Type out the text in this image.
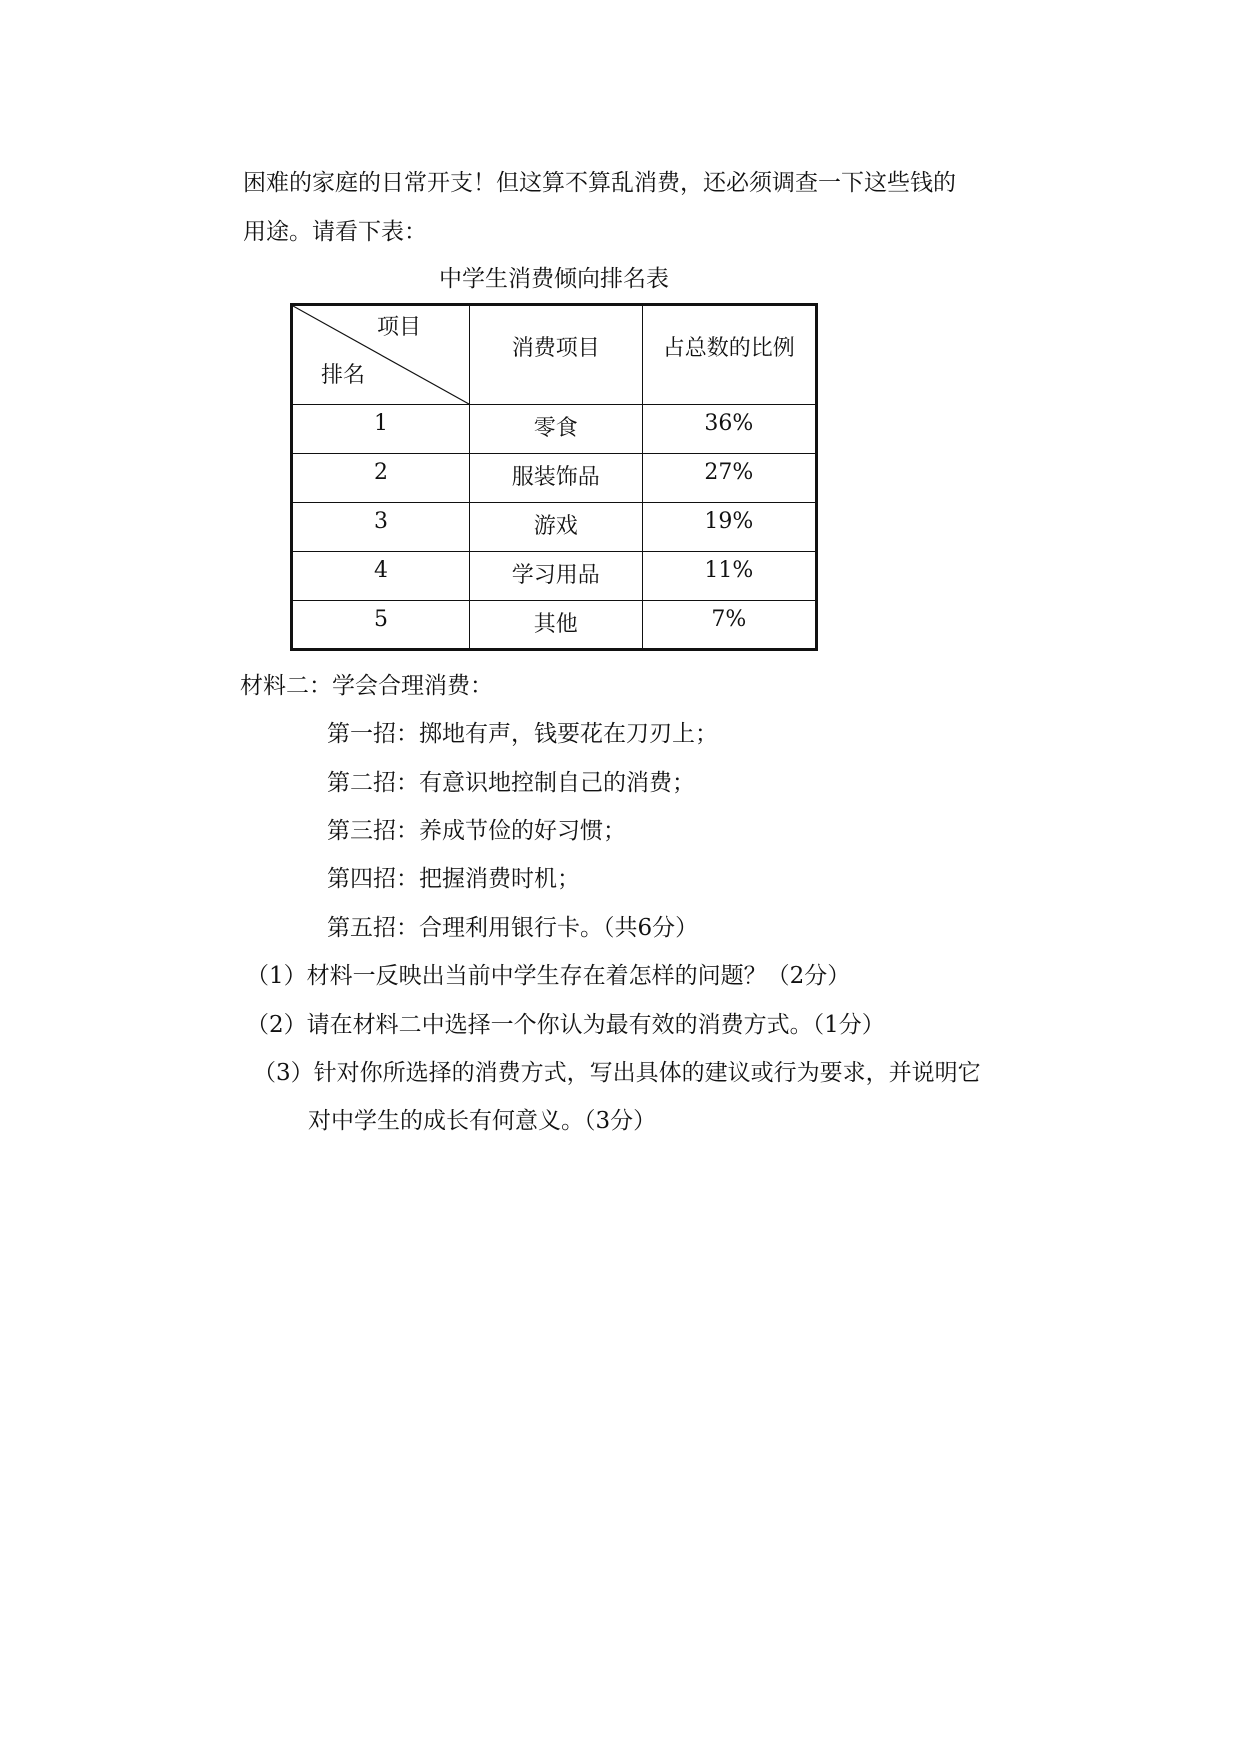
困难的家庭的日常开支！但这算不算乱消费，还必须调查一下这些钱的
用途。请看下表：
中学生消费倾向排名表
项目
排名	消费项目	占总数的比例

1	零食	36%
2	服装饰品	27%
3	游戏	19%
4	学习用品	11%
5	其他	7%
材料二：学会合理消费：
第一招：掷地有声，钱要花在刀刃上；
第二招：有意识地控制自己的消费；
第三招：养成节俭的好习惯；
第四招：把握消费时机；
第五招：合理利用银行卡。（共6分）
（1）材料一反映出当前中学生存在着怎样的问题？（2分）
（2）请在材料二中选择一个你认为最有效的消费方式。（1分）
（3）针对你所选择的消费方式，写出具体的建议或行为要求，并说明它
对中学生的成长有何意义。（3分）
